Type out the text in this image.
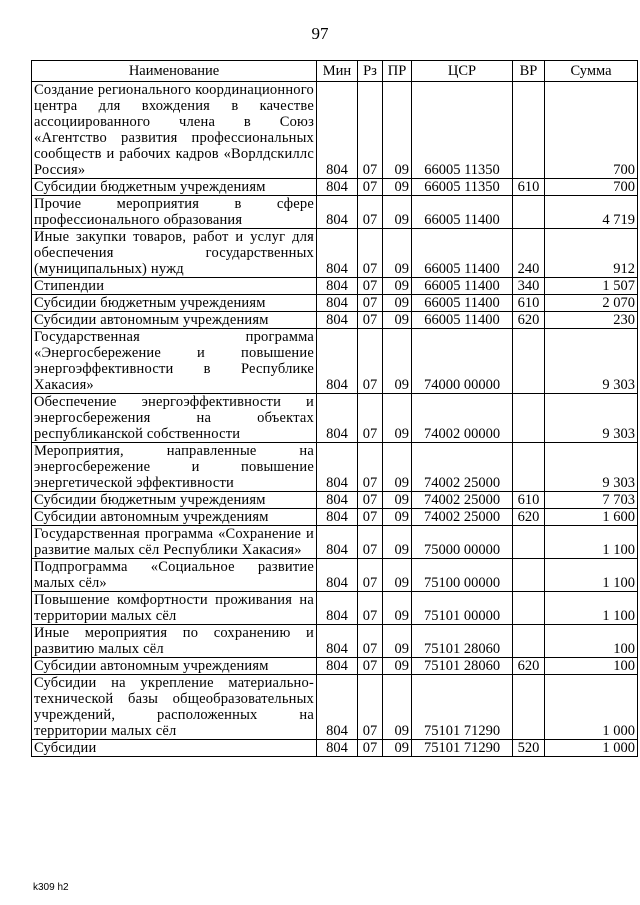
97
Наименование	Мин	Рз	ПР	ЦСР	ВР	Сумма
Создание регионального координационного центра для вхождения в качестве ассоциированного члена в Союз «Агентство развития профессиональных сообществ и рабочих кадров «Ворлдскиллс Россия»	804	07	09	66005 11350		700
Субсидии бюджетным учреждениям	804	07	09	66005 11350	610	700
Прочие мероприятия в сфере профессионального образования	804	07	09	66005 11400		4 719
Иные закупки товаров, работ и услуг для обеспечения государственных (муниципальных) нужд	804	07	09	66005 11400	240	912
Стипендии	804	07	09	66005 11400	340	1 507
Субсидии бюджетным учреждениям	804	07	09	66005 11400	610	2 070
Субсидии автономным учреждениям	804	07	09	66005 11400	620	230
Государственная программа «Энергосбережение и повышение энергоэффективности в Республике Хакасия»	804	07	09	74000 00000		9 303
Обеспечение энергоэффективности и энергосбережения на объектах республиканской собственности	804	07	09	74002 00000		9 303
Мероприятия, направленные на энергосбережение и повышение энергетической эффективности	804	07	09	74002 25000		9 303
Субсидии бюджетным учреждениям	804	07	09	74002 25000	610	7 703
Субсидии автономным учреждениям	804	07	09	74002 25000	620	1 600
Государственная программа «Сохранение и развитие малых сёл Республики Хакасия»	804	07	09	75000 00000		1 100
Подпрограмма «Социальное развитие малых сёл»	804	07	09	75100 00000		1 100
Повышение комфортности проживания на территории малых сёл	804	07	09	75101 00000		1 100
Иные мероприятия по сохранению и развитию малых сёл	804	07	09	75101 28060		100
Субсидии автономным учреждениям	804	07	09	75101 28060	620	100
Субсидии на укрепление материально-технической базы общеобразовательных учреждений, расположенных на территории малых сёл	804	07	09	75101 71290		1 000
Субсидии	804	07	09	75101 71290	520	1 000
k309 h2
